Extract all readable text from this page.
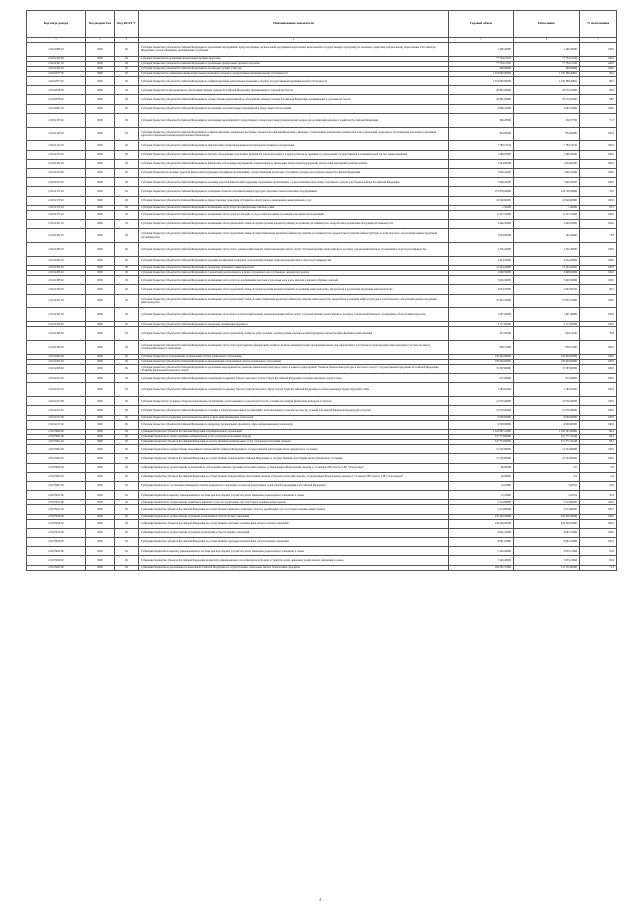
Код вида дохода	Код ведомства	Код КОСГУ	Наименование показателя	Годовой объем	Исполнено	% исполнения
1	2	3	4	5	6	7
2 02 02088 02	0000	151	Субсидии бюджетам субъектов Российской Федерации на реализацию мероприятий, предусмотренных региональной программой переселения, включенной в Государственную программу по оказанию содействия добровольному переселению в Российскую Федерацию соотечественников, проживающих за рубежом	1 496 40000	1 496 40000	100,0
2 02 02100 00	0000	151	Субсидии бюджетам на реализацию федеральных целевых программ	77 734,15100	77 734,15100	100,0
2 02 02101 02	0000	151	Субсидии бюджетам субъектов Российской Федерации на реализацию федеральных целевых программ	77 734,15100	77 734,15100	100,0
2 02 02102 02	0000	151	Субсидии бюджетам субъектов Российской Федерации на поощрение лучших учителей	400,00000	400,00000	100,0
2 02 02077 00	0000	151	Субсидии бюджетам на софинансирование капитальных вложений в объекты государственной (муниципальной) собственности	1 553 960,00000	1 545 368,40861	99,5
2 02 02077 02	0000	151	Субсидии бюджетам субъектов Российской Федерации на софинансирование капитальных вложений в объекты государственной (муниципальной) собственности	1 553 960,00000	1 545 368,40861	99,5
2 02 02078 00	0000	151	Субсидии бюджетам на мероприятия по обеспечению жильем граждан Российской Федерации, проживающих в сельской местности	29 981,00000	29 572,81960	98,6
2 02 02078 02	0000	151	Субсидии бюджетам субъектов Российской Федерации на осуществление мероприятий по обеспечению жильем граждан Российской Федерации, проживающих в сельской местности	29 981,00000	29 572,81960	98,6
2 02 02081 02	0000	151	Субсидии бюджетам субъектов Российской Федерации на реализацию дополнительных мероприятий в сфере занятости населения	2 808,10000	2 065,16600	100,0
2 02 02133 02	0000	151	Субсидии бюджетам субъектов Российской Федерации на реализацию мероприятий Государственного плана подготовки управленческих кадров для организаций народного хозяйства Российской Федерации	349,20000	250,57750	71,7
2 02 02136 02	0000	151	Субсидии бюджетам субъектов Российской Федерации на софинансирование социальных программ субъектов Российской Федерации, связанных с укреплением материально-технической базы учреждений социального обслуживания населения и оказанием адресной социальной помощи неработающим пенсионерам	834,00000	834,00000	100,0
2 02 02142 02	0000	151	Субсидии бюджетам субъектов Российской Федерации на приобретение специализированной лесопожарной техники и оборудования	7 783,72519	7 783,72519	100,0
2 02 02150 02	0000	151	Субсидии бюджетам субъектов Российской Федерации на закупку оборудования и расходных материалов для неонатального и аудиологического скрининга в учреждениях государственной и муниципальной систем здравоохранения	1 366,50000	1 366,50000	100,0
2 02 02152 02	0000	151	Субсидии бюджетам субъектов Российской Федерации на финансовое обеспечение мероприятий, направленных на проведение пренатальной (дородовой) диагностики нарушений развития ребенка	1 624,90000	1 624,90000	100,0
2 02 02153 00	0000	151	Субсидии бюджетам на оказание адресной финансовой поддержки спортивным организациям, осуществляющим подготовку спортивного резерва для сборных команд Российской Федерации	7 946,24200	7 946,24200	100,0
2 02 02153 02	0000	151	Субсидии бюджетам субъектов Российской Федерации на оказание адресной финансовой поддержки спортивным организациям, осуществляющим подготовку спортивного резерва для сборных команд Российской Федерации	7 946,24200	7 946,24200	100,0
2 02 02172 02	0000	151	Субсидии бюджетам субъектов Российской Федерации на оснащение объектов спортивной инфраструктуры спортивно-технологическим оборудованием	157 879,40000	124 728,30000	79,0
2 02 02173 02	0000	151	Субсидии бюджетам субъектов Российской Федерации на предоставление гражданам субсидий на оплату жилого помещения и коммунальных услуг	16 526,60000	16 526,60000	100,0
2 02 02174 02	0000	151	Субсидии бюджетам субъектов Российской Федерации на возмещение части затрат на приобретение элитных семян	1,50400	1,40000	93,1
2 02 02175 02	0000	151	Субсидии бюджетам субъектов Российской Федерации на возмещение части затрат на закладку и уход за многолетними плодовыми и ягодными насаждениями	11 127,10000	11 127,10000	100,0
2 02 02181 02	0000	151	Субсидии бюджетам субъектов Российской Федерации на возмещение части процентной ставки по краткосрочным кредитам (займам) на развитие растениеводства, переработки и реализации продукции растениеводства	2 940,50000	2 940,50000	100,0
2 02 02182 02	0000	151	Субсидии бюджетам субъектов Российской Федерации на возмещение части процентной ставки по инвестиционным кредитам (займам) на развитие растениеводства, переработки и развития инфраструктуры и логистического обеспечения рынков продукции растениеводства	1 834,90000	162,44400	8,8
2 02 02183 02	0000	151	Субсидии бюджетам субъектов Российской Федерации на возмещение части затрат сельскохозяйственных товаропроизводителей на уплату страховой премии, начисленной по договору сельскохозяйственного страхования в области растениеводства	2 335,40000	2 335,40000	100,0
2 02 02184 02	0000	151	Субсидии бюджетам субъектов Российской Федерации на оказание несвязанной поддержки сельскохозяйственным товаропроизводителям в области растениеводства	4 454,20000	4 454,20000	100,0
2 02 02185 02	0000	151	Субсидии бюджетам субъектов Российской Федерации на поддержку племенного животноводства	15 424,20000	15 424,20000	100,0
2 02 02186 02	0000	151	Субсидии бюджетам субъектов Российской Федерации на 1 килограмм реализованного и (или) отгруженного на собственную переработку молока	2 998,50000	2 998,50000	100,0
2 02 02188 02	0000	151	Субсидии бюджетам субъектов Российской Федерации на возмещение части затрат по наращиванию маточного поголовья овец и коз, маралов и мясных табунных лошадей	5 940,50000	5 940,50000	100,0
2 02 02190 02	0000	151	Субсидии бюджетам субъектов Российской Федерации на возмещение части процентной ставки по краткосрочным кредитам (займам) на развитие животноводства, переработки и реализации продукции животноводства	2 654,70000	2 645,82100	99,7
2 02 02191 02	0000	151	Субсидии бюджетам субъектов Российской Федерации на возмещение части процентной ставки по инвестиционным кредитам (займам) на развитие животноводства, переработки и развития инфраструктуры и логистического обеспечения рынков продукции животноводства	55 935,10000	55 935,10000	100,0
2 02 02193 02	0000	151	Субсидии бюджетам субъектов Российской Федерации на возмещение части затрат сельскохозяйственных товаропроизводителей на уплату страховой премии, начисленной по договору сельскохозяйственного страхования в области животноводства	1 497,40000	1 497,40000	100,0
2 02 02196 02	0000	151	Субсидии бюджетам субъектов Российской Федерации на поддержку начинающих фермеров	3 717,80000	3 717,80000	100,0
2 02 02198 02	0000	151	Субсидии бюджетам субъектов Российской Федерации на возмещение части процентной ставки по долгосрочным, среднесрочным и краткосрочным кредитам, взятым малыми формами хозяйствования	815,50000	626,12100	76,8
2 02 02199 02	0000	151	Субсидии бюджетам субъектов Российской Федерации на возмещение части затрат крестьянских (фермерских) хозяйств, включая индивидуальных предпринимателей, при оформлении в собственность используемых ими земельных участков из земель сельскохозяйственного назначения	838,15000	838,15000	100,0
2 02 02204 00	0000	151	Субсидии бюджетам на модернизацию региональных систем дошкольного образования	150 946,00000	150 946,00000	100,0
2 02 02204 02	0000	151	Субсидии бюджетам субъектов Российской Федерации на модернизацию региональных систем дошкольного образования	150 946,00000	150 946,00000	100,0
2 02 02208 02	0000	151	Субсидии бюджетам субъектов Российской Федерации на реализацию мероприятий по развитию физической культуры и спорта в рамках подпрограммы "Развитие физической культуры и массового спорта" государственной программы Российской Федерации "Развитие физической культуры и спорта"	55 397,60000	55 397,60000	100,0
2 02 02212 02	0000	151	Субсидии бюджетам субъектов Российской Федерации на социальную поддержку Героев Советского Союза, Героев Российской Федерации и полных кавалеров ордена Славы	975,00000	975,00000	100,0
2 02 02213 02	0000	151	Субсидии бюджетам субъектов Российской Федерации на социальную поддержку Героев Социалистического Труда, Героев Труда Российской Федерации и полных кавалеров ордена Трудовой Славы	1 185,65400	1 185,65400	100,0
2 02 02215 00	0000	151	Субсидии бюджетам на создание в общеобразовательных организациях, расположенных в сельской местности, условий для занятий физической культурой и спортом	21 070,40000	21 070,40000	100,0
2 02 02215 02	0000	151	Субсидии бюджетам субъектов Российской Федерации на создание в общеобразовательных организациях, расположенных в сельской местности, условий для занятий физической культурой и спортом	21 070,40000	21 070,40000	100,0
2 02 02217 00	0000	151	Субсидии бюджетам на поддержку региональных проектов в сфере информационных технологий	6 000,00000	6 000,00000	100,0
2 02 02217 02	0000	151	Субсидии бюджетам субъектов Российской Федерации на поддержку региональных проектов в сфере информационных технологий	6 000,00000	6 000,00000	100,0
2 02 03000 00	0000	151	Субвенции бюджетам субъектов Российской Федерации и муниципальных образований	1 323 987,10000	1 303 167,60900	98,4
2 02 03001 00	0000	151	Субвенции бюджетам на оплату жилищно-коммунальных услуг отдельным категориям граждан	327 773,60000	321 771,35248	98,2
2 02 03001 02	0000	151	Субвенции бюджетам субъектов Российской Федерации на оплату жилищно-коммунальных услуг отдельным категориям граждан	327 773,60000	321 771,35248	98,2
2 02 03004 00	0000	151	Субвенции бюджетам на осуществление переданных полномочий Российской Федерации по государственной регистрации актов гражданского состояния	21 255,80000	21 255,80000	100,0
2 02 03004 02	0000	151	Субвенции бюджетам субъектов Российской Федерации на осуществление полномочий Российской Федерации по государственной регистрации актов гражданского состояния	21 255,80000	21 255,80000	100,0
2 02 03006 00	0000	151	Субвенции бюджетам на осуществление полномочий по обеспечению жильем отдельных категорий граждан, установленных Федеральным законом от 12 января 1995 года № 5-ФЗ "О ветеранах"	46,90000	0,0	0,0
2 02 03006 02	0000	151	Субвенции бюджетам субъектов Российской Федерации на осуществление полномочий по обеспечению жильем отдельных категорий граждан, установленных Федеральным законом от 12 января 1995 года № 5-ФЗ "О ветеранах"	46,90000	0,0	0,0
2 02 03007 00	0000	151	Субвенции бюджетам на составление (изменение) списков кандидатов в присяжные заседатели федеральных судов общей юрисдикции в Российской Федерации	15,10000	5,42761	35,9
2 02 03012 00	0000	151	Субвенции бюджетам на выплату единовременного пособия при всех формах устройства детей, лишенных родительского попечения, в семью	15,10000	5,42761	35,9
2 02 03015 00	0000	151	Субвенции бюджетам на осуществление первичного воинского учета на территориях, где отсутствуют военные комиссариаты	5 514,80000	5 514,80000	100,0
2 02 03015 02	0000	151	Субвенции бюджетам субъектов Российской Федерации на осуществление первичного воинского учета на территориях, где отсутствуют военные комиссариаты	5 514,80000	5 514,80000	100,0
2 02 03018 00	0000	151	Субвенции бюджетам на осуществление отдельных полномочий в области лесных отношений	229 246,20000	229 246,20000	100,0
2 02 03018 02	0000	151	Субвенции бюджетам субъектов Российской Федерации на осуществление отдельных полномочий в области лесных отношений	229 246,20000	229 246,20000	100,0
2 02 03019 00	0000	151	Субвенции бюджетам на осуществление отдельных полномочий в области водных отношений	8 661,10000	8 661,10000	100,0
2 02 03019 02	0000	151	Субвенции бюджетам субъектов Российской Федерации на осуществление отдельных полномочий в области водных отношений	8 661,10000	8 661,10000	100,0
2 02 03020 00	0000	151	Субвенции бюджетам на выплату единовременного пособия при всех формах устройства детей, лишенных родительского попечения, в семью	7 426,40000	5 035,15694	65,6
2 02 03020 02	0000	151	Субвенции бюджетам субъектов Российской Федерации на выплату единовременного пособия при всех формах устройства детей, лишенных родительского попечения, в семью	7 426,40000	5 035,15694	65,6
2 02 03025 00	0000	151	Субвенции бюджетам на реализацию полномочий Российской Федерации по осуществлению социальных выплат безработным гражданам	184 591,70000	131 751,80000	71,3
4
